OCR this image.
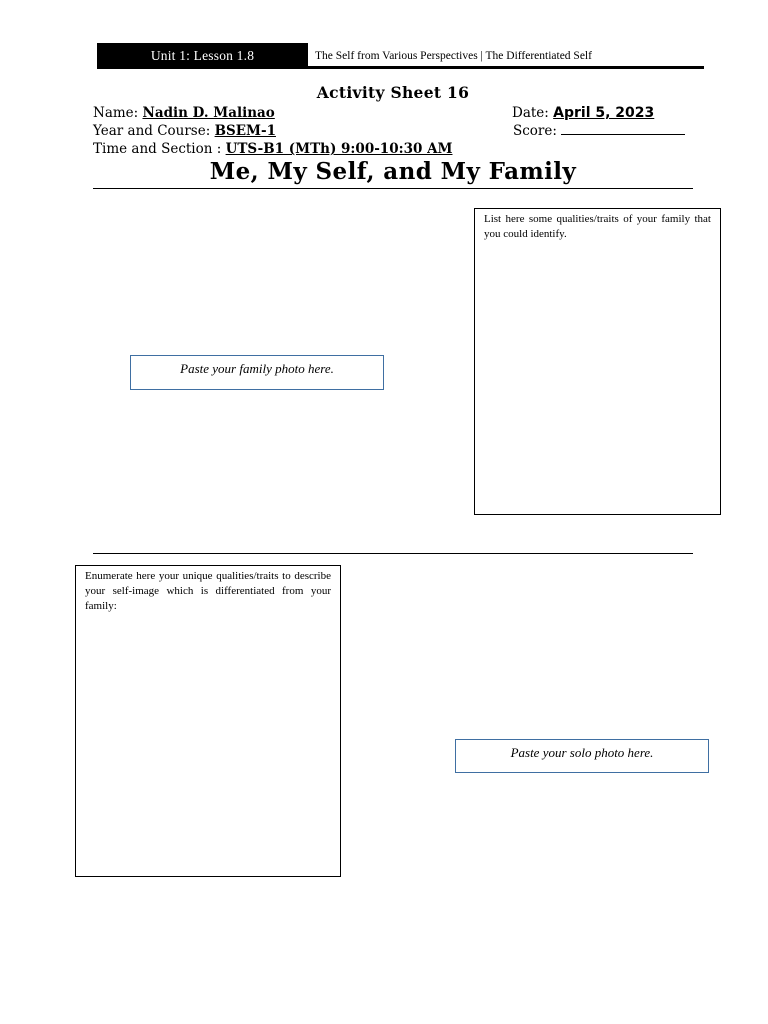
Unit 1: Lesson 1.8	The Self from Various Perspectives | The Differentiated Self
Activity Sheet 16
Name: Nadin D. Malinao	Date: April 5, 2023
Year and Course: BSEM-1	Score:
Time and Section : UTS-B1 (MTh) 9:00-10:30 AM
Me, My Self, and My Family
Paste your family photo here.
List here some qualities/traits of your family that you could identify.
Enumerate here your unique qualities/traits to describe your self-image which is differentiated from your family:
Paste your solo photo here.
